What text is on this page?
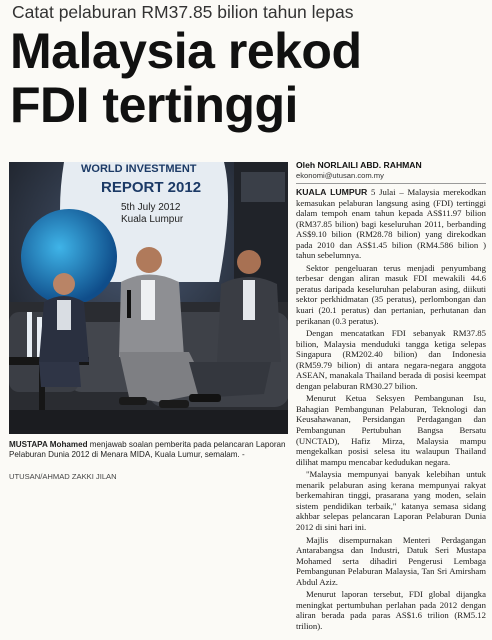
Catat pelaburan RM37.85 bilion tahun lepas
Malaysia rekod
FDI tertinggi
WORLD INVESTMENT
REPORT 2012
5th July 2012
Kuala Lumpur
MUSTAPA Mohamed menjawab soalan pemberita pada pelancaran Laporan Pelaburan Dunia 2012 di Menara MIDA, Kuala Lumur, semalam. -
UTUSAN/AHMAD ZAKKI JILAN
Oleh NORLAILI ABD. RAHMAN
ekonomi@utusan.com.my

KUALA LUMPUR 5 Julai – Malaysia merekodkan kemasukan pelaburan langsung asing (FDI) tertinggi dalam tempoh enam tahun kepada AS$11.97 bilion (RM37.85 bilion) bagi keseluruhan 2011, berbanding AS$9.10 bilion (RM28.78 bilion) yang direkodkan pada 2010 dan AS$1.45 bilion (RM4.586 bilion ) tahun sebelumnya.

Sektor pengeluaran terus menjadi penyumbang terbesar dengan aliran masuk FDI mewakili 44.6 peratus daripada keseluruhan pelaburan asing, diikuti sektor perkhidmatan (35 peratus), perlombongan dan kuari (20.1 peratus) dan pertanian, perhutanan dan perikanan (0.3 peratus).

Dengan mencatatkan FDI sebanyak RM37.85 bilion, Malaysia menduduki tangga ketiga selepas Singapura (RM202.40 bilion) dan Indonesia (RM59.79 bilion) di antara negara-negara anggota ASEAN, manakala Thailand berada di posisi keempat dengan pelaburan RM30.27 bilion.

Menurut Ketua Seksyen Pembangunan Isu, Bahagian Pembangunan Pelaburan, Teknologi dan Keusahawanan, Persidangan Perdagangan dan Pembangunan Pertubuhan Bangsa Bersatu (UNCTAD), Hafiz Mirza, Malaysia mampu mengekalkan posisi selesa itu walaupun Thailand dilihat mampu mencabar kedudukan negara.

"Malaysia mempunyai banyak kelebihan untuk menarik pelaburan asing kerana mempunyai rakyat berkemahiran tinggi, prasarana yang moden, selain sistem pendidikan terbaik," katanya semasa sidang akhbar selepas pelancaran Laporan Pelaburan Dunia 2012 di sini hari ini.

Majlis disempurnakan Menteri Perdagangan Antarabangsa dan Industri, Datuk Seri Mustapa Mohamed serta dihadiri Pengerusi Lembaga Pembangunan Pelaburan Malaysia, Tan Sri Amirsham Abdul Aziz.

Menurut laporan tersebut, FDI global dijangka meningkat pertumbuhan perlahan pada 2012 dengan aliran berada pada paras AS$1.6 trilion (RM5.12 trilion).
